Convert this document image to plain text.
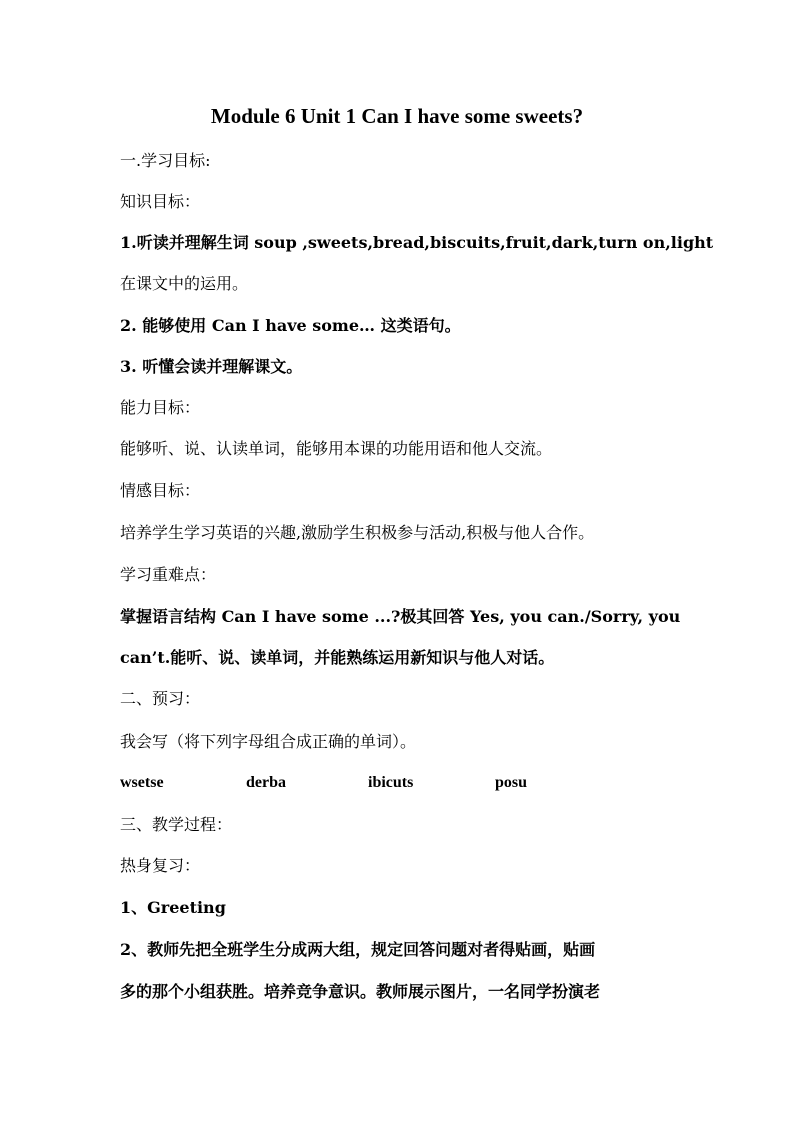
Module 6 Unit 1 Can I have some sweets?
一.学习目标:
知识目标：
1.听读并理解生词 soup ,sweets,bread,biscuits,fruit,dark,turn on,light
在课文中的运用。
2. 能够使用 Can I have some… 这类语句。
3. 听懂会读并理解课文。
能力目标：
能够听、说、认读单词，能够用本课的功能用语和他人交流。
情感目标：
培养学生学习英语的兴趣,激励学生积极参与活动,积极与他人合作。
学习重难点：
掌握语言结构 Can I have some ...?极其回答 Yes, you can./Sorry, you
can’t.能听、说、读单词，并能熟练运用新知识与他人对话。
二、预习：
我会写（将下列字母组合成正确的单词）。
wsetse	derba	ibicuts	posu
三、教学过程：
热身复习：
1、Greeting
2、教师先把全班学生分成两大组，规定回答问题对者得贴画，贴画
多的那个小组获胜。培养竞争意识。教师展示图片，一名同学扮演老
